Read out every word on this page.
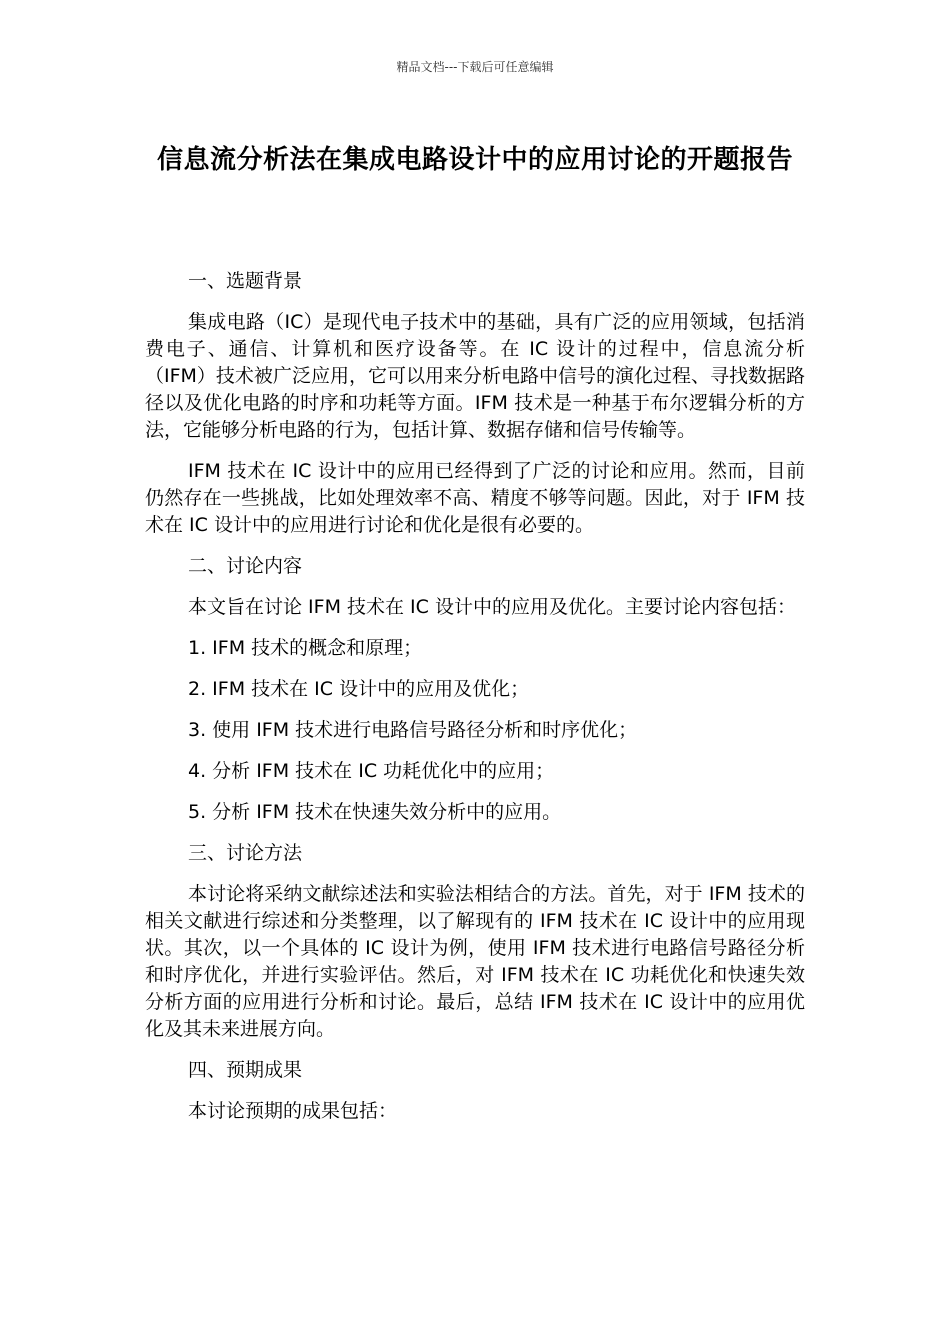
精品文档---下载后可任意编辑
信息流分析法在集成电路设计中的应用讨论的开题报告

一、选题背景

集成电路（IC）是现代电子技术中的基础，具有广泛的应用领域，包括消费电子、通信、计算机和医疗设备等。在 IC 设计的过程中，信息流分析（IFM）技术被广泛应用，它可以用来分析电路中信号的演化过程、寻找数据路径以及优化电路的时序和功耗等方面。IFM 技术是一种基于布尔逻辑分析的方法，它能够分析电路的行为，包括计算、数据存储和信号传输等。

IFM 技术在 IC 设计中的应用已经得到了广泛的讨论和应用。然而，目前仍然存在一些挑战，比如处理效率不高、精度不够等问题。因此，对于 IFM 技术在 IC 设计中的应用进行讨论和优化是很有必要的。

二、讨论内容

本文旨在讨论 IFM 技术在 IC 设计中的应用及优化。主要讨论内容包括：

1. IFM 技术的概念和原理；

2. IFM 技术在 IC 设计中的应用及优化；

3. 使用 IFM 技术进行电路信号路径分析和时序优化；

4. 分析 IFM 技术在 IC 功耗优化中的应用；

5. 分析 IFM 技术在快速失效分析中的应用。

三、讨论方法

本讨论将采纳文献综述法和实验法相结合的方法。首先，对于 IFM 技术的相关文献进行综述和分类整理，以了解现有的 IFM 技术在 IC 设计中的应用现状。其次，以一个具体的 IC 设计为例，使用 IFM 技术进行电路信号路径分析和时序优化，并进行实验评估。然后，对 IFM 技术在 IC 功耗优化和快速失效分析方面的应用进行分析和讨论。最后，总结 IFM 技术在 IC 设计中的应用优化及其未来进展方向。

四、预期成果

本讨论预期的成果包括：
